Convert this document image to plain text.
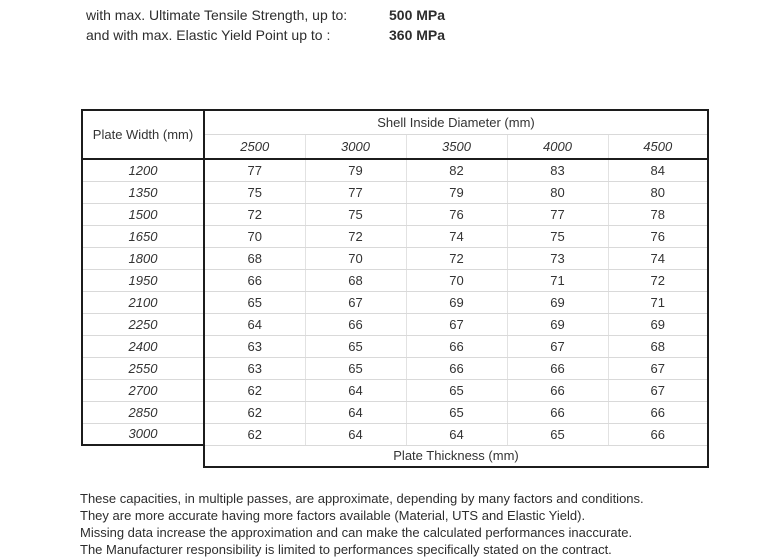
with max. Ultimate Tensile Strength, up to:	500 MPa
and with max. Elastic Yield Point up to :	360 MPa
Plate Width (mm)	Shell Inside Diameter (mm)				
	2500	3000	3500	4000	4500
1200	77	79	82	83	84
1350	75	77	79	80	80
1500	72	75	76	77	78
1650	70	72	74	75	76
1800	68	70	72	73	74
1950	66	68	70	71	72
2100	65	67	69	69	71
2250	64	66	67	69	69
2400	63	65	66	67	68
2550	63	65	66	66	67
2700	62	64	65	66	67
2850	62	64	65	66	66
3000	62	64	64	65	66
	Plate Thickness (mm)				
These capacities, in multiple passes, are approximate, depending by many factors and conditions.
They are more accurate having more factors available (Material, UTS and Elastic Yield).
Missing data increase the approximation and can make the calculated performances inaccurate.
The Manufacturer responsibility is limited to performances specifically stated on the contract.
